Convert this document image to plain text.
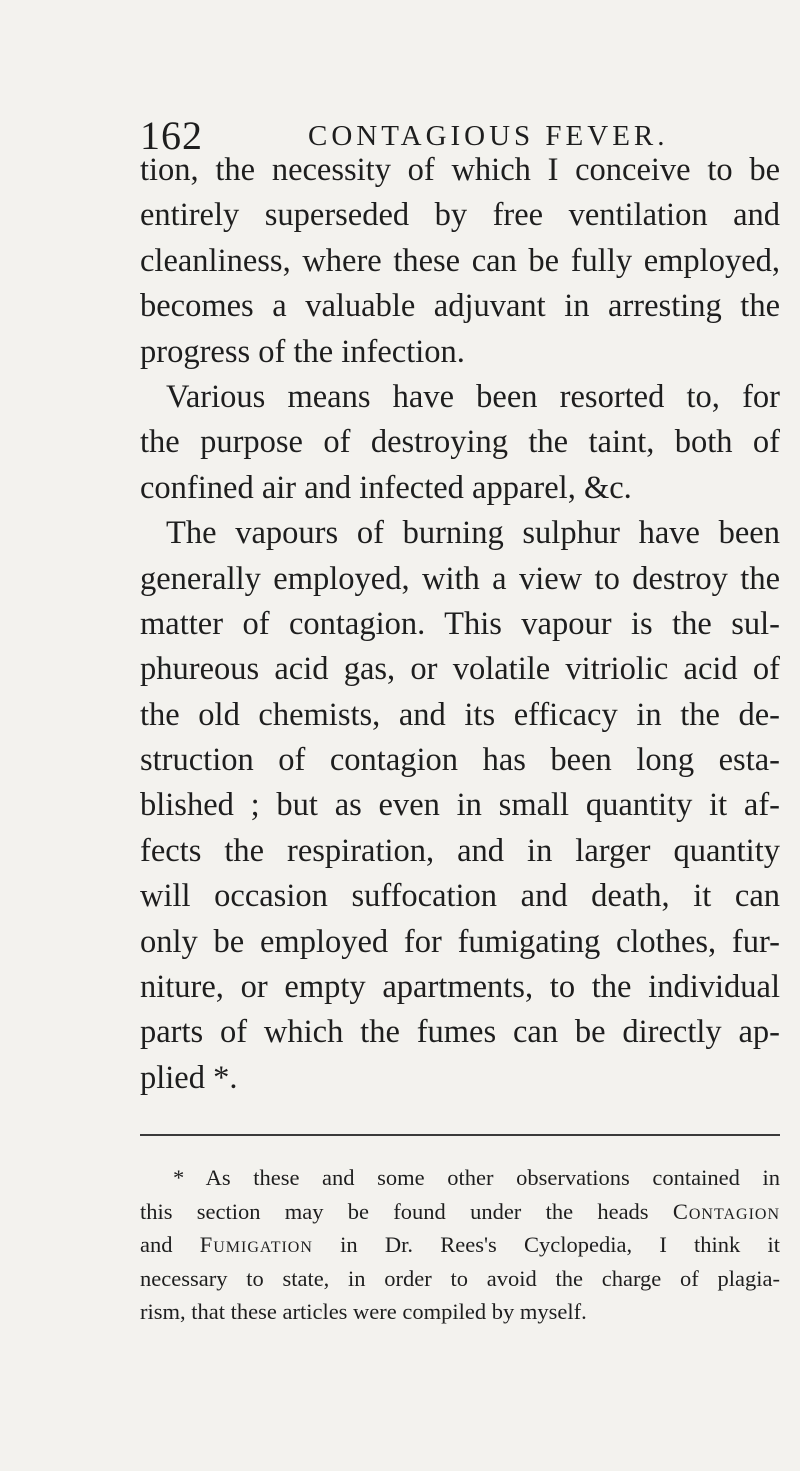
162	CONTAGIOUS FEVER.
tion, the necessity of which I conceive to be
entirely superseded by free ventilation and
cleanliness, where these can be fully employed,
becomes a valuable adjuvant in arresting the
progress of the infection.
Various means have been resorted to, for
the purpose of destroying the taint, both of
confined air and infected apparel, &c.
The vapours of burning sulphur have been
generally employed, with a view to destroy the
matter of contagion. This vapour is the sul-
phureous acid gas, or volatile vitriolic acid of
the old chemists, and its efficacy in the de-
struction of contagion has been long esta-
blished ; but as even in small quantity it af-
fects the respiration, and in larger quantity
will occasion suffocation and death, it can
only be employed for fumigating clothes, fur-
niture, or empty apartments, to the individual
parts of which the fumes can be directly ap-
plied *.
* As these and some other observations contained in
this section may be found under the heads Contagion
and Fumigation in Dr. Rees's Cyclopedia, I think it
necessary to state, in order to avoid the charge of plagia-
rism, that these articles were compiled by myself.
